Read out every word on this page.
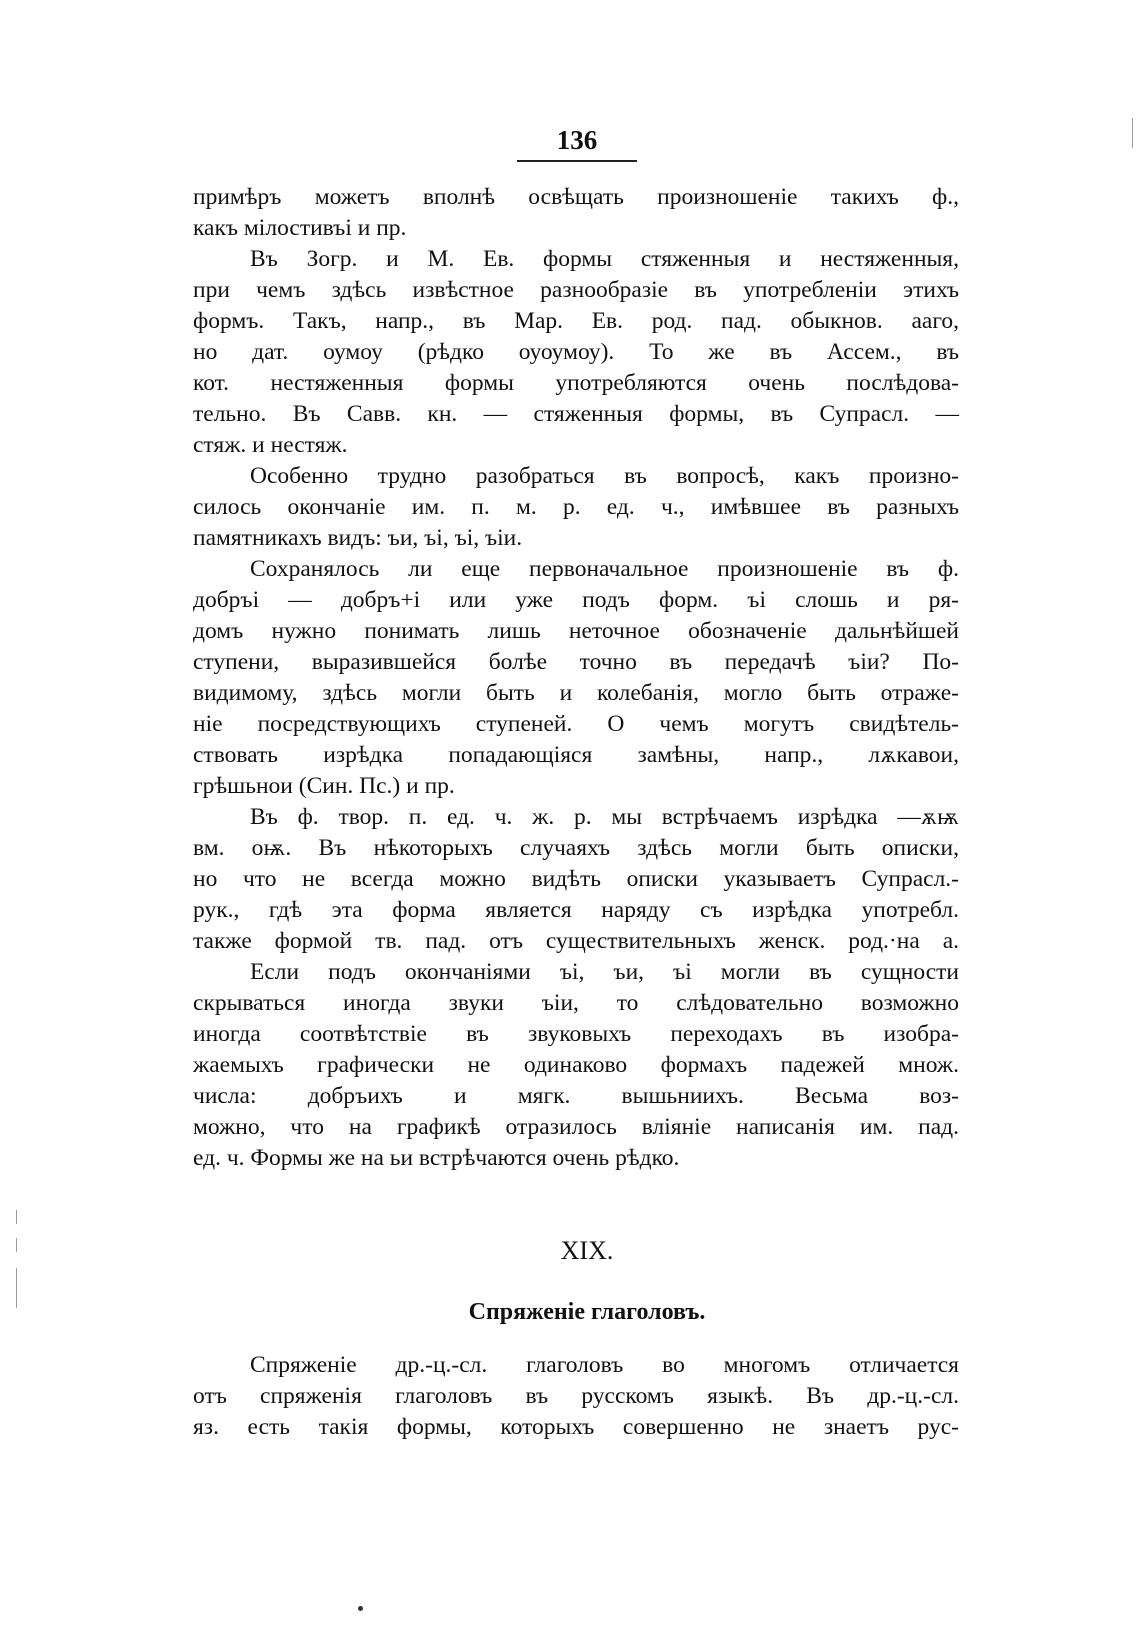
136
примѣръ можетъ вполнѣ освѣщать произношеніе такихъ ф.,
какъ мілостивъі и пр.
Въ Зогр. и М. Ев. формы стяженныя и нестяженныя,
при чемъ здѣсь извѣстное разнообразіе въ употребленіи этихъ
формъ. Такъ, напр., въ Мар. Ев. род. пад. обыкнов. ааго,
но дат. оумоу (рѣдко оуоумоу). То же въ Ассем., въ
кот. нестяженныя формы употребляются очень послѣдова-
тельно. Въ Савв. кн. — стяженныя формы, въ Супрасл. —
стяж. и нестяж.
Особенно трудно разобраться въ вопросѣ, какъ произно-
силось окончаніе им. п. м. р. ед. ч., имѣвшее въ разныхъ
памятникахъ видъ: ъи, ъі, ъі, ъіи.
Сохранялось ли еще первоначальное произношеніе въ ф.
добръі — добръ+і или уже подъ форм. ъі слошь и ря-
домъ нужно понимать лишь неточное обозначеніе дальнѣйшей
ступени, выразившейся болѣе точно въ передачѣ ъіи? По-
видимому, здѣсь могли быть и колебанія, могло быть отраже-
ніе посредствующихъ ступеней. О чемъ могутъ свидѣтель-
ствовать изрѣдка попадающіяся замѣны, напр., лѫкавои,
грѣшьнои (Син. Пс.) и пр.
Въ ф. твор. п. ед. ч. ж. р. мы встрѣчаемъ изрѣдка —ѫѭ
вм. оѭ. Въ нѣкоторыхъ случаяхъ здѣсь могли быть описки,
но что не всегда можно видѣть описки указываетъ Супрасл.-
рук., гдѣ эта форма является наряду съ изрѣдка употребл.
также формой тв. пад. отъ существительныхъ женск. род.·на а.
Если подъ окончаніями ъі, ъи, ъі могли въ сущности
скрываться иногда звуки ъіи, то слѣдовательно возможно
иногда соотвѣтствіе въ звуковыхъ переходахъ въ изобра-
жаемыхъ графически не одинаково формахъ падежей множ.
числа: добръихъ и мягк. вышьниихъ. Весьма воз-
можно, что на графикѣ отразилось вліяніе написанія им. пад.
ед. ч. Формы же на ьи встрѣчаются очень рѣдко.
XIX.
Спряженіе глаголовъ.
Спряженіе др.-ц.-сл. глаголовъ во многомъ отличается
отъ спряженія глаголовъ въ русскомъ языкѣ. Въ др.-ц.-сл.
яз. есть такія формы, которыхъ совершенно не знаетъ рус-
